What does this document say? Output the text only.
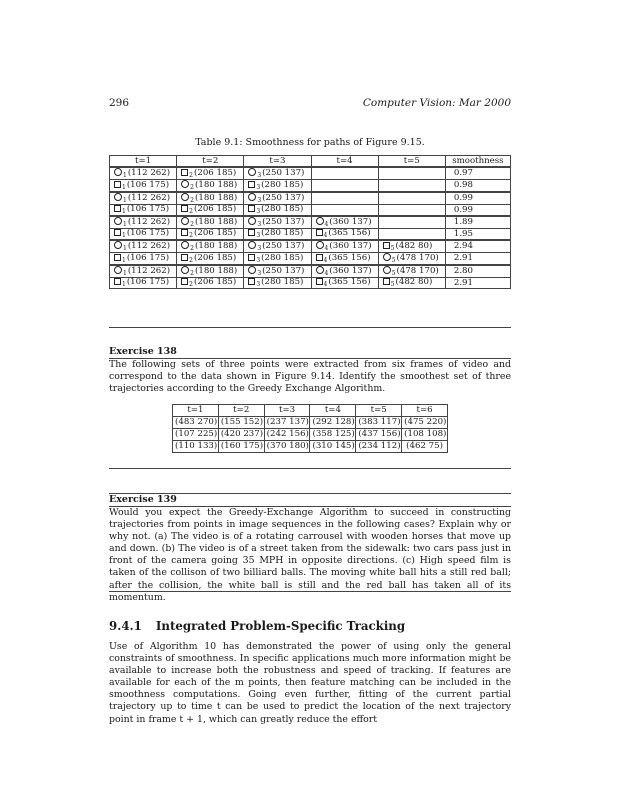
296	Computer Vision: Mar 2000
Table 9.1: Smoothness for paths of Figure 9.15.
t=1	t=2	t=3	t=4	t=5	smoothness
$_1$(112 262)	$_2$(206 185)	$_3$(250 137)			0.97
$_1$(106 175)	$_2$(180 188)	$_3$(280 185)			0.98
$_1$(112 262)	$_2$(180 188)	$_3$(250 137)			0.99
$_1$(106 175)	$_2$(206 185)	$_3$(280 185)			0.99
$_1$(112 262)	$_2$(180 188)	$_3$(250 137)	$_4$(360 137)		1.89
$_1$(106 175)	$_2$(206 185)	$_3$(280 185)	$_4$(365 156)		1.95
$_1$(112 262)	$_2$(180 188)	$_3$(250 137)	$_4$(360 137)	$_5$(482 80)	2.94
$_1$(106 175)	$_2$(206 185)	$_3$(280 185)	$_4$(365 156)	$_5$(478 170)	2.91
$_1$(112 262)	$_2$(180 188)	$_3$(250 137)	$_4$(360 137)	$_5$(478 170)	2.80
$_1$(106 175)	$_2$(206 185)	$_3$(280 185)	$_4$(365 156)	$_5$(482 80)	2.91
Exercise 138
The following sets of three points were extracted from six frames of video and correspond to the data shown in Figure 9.14. Identify the smoothest set of three trajectories according to the Greedy Exchange Algorithm.
t=1	t=2	t=3	t=4	t=5	t=6
(483 270)	(155 152)	(237 137)	(292 128)	(383 117)	(475 220)
(107 225)	(420 237)	(242 156)	(358 125)	(437 156)	(108 108)
(110 133)	(160 175)	(370 180)	(310 145)	(234 112)	(462 75)
Exercise 139
Would you expect the Greedy-Exchange Algorithm to succeed in constructing trajectories from points in image sequences in the following cases? Explain why or why not. (a) The video is of a rotating carrousel with wooden horses that move up and down. (b) The video is of a street taken from the sidewalk: two cars pass just in front of the camera going 35 MPH in opposite directions. (c) High speed film is taken of the collison of two billiard balls. The moving white ball hits a still red ball; after the collision, the white ball is still and the red ball has taken all of its momentum.
9.4.1 Integrated Problem-Specific Tracking
Use of Algorithm 10 has demonstrated the power of using only the general constraints of smoothness. In specific applications much more information might be available to increase both the robustness and speed of tracking. If features are available for each of the m points, then feature matching can be included in the smoothness computations. Going even further, fitting of the current partial trajectory up to time t can be used to predict the location of the next trajectory point in frame t + 1, which can greatly reduce the effort
